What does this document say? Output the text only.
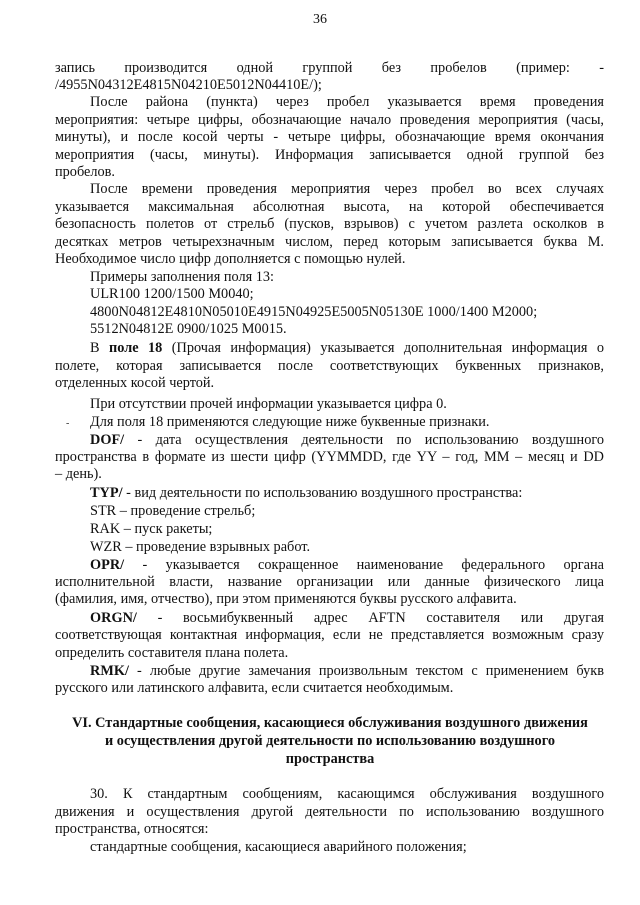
36
запись производится одной группой без пробелов (пример: -
/4955N04312E4815N04210E5012N04410E/);
После района (пункта) через пробел указывается время проведения
мероприятия: четыре цифры, обозначающие начало проведения мероприятия (часы,
минуты), и после косой черты - четыре цифры, обозначающие время окончания
мероприятия (часы, минуты). Информация записывается одной группой без
пробелов.
После времени проведения мероприятия через пробел во всех случаях
указывается максимальная абсолютная высота, на которой обеспечивается
безопасность полетов от стрельб (пусков, взрывов) с учетом разлета осколков в
десятках метров четырехзначным числом, перед которым записывается буква М.
Необходимое число цифр дополняется с помощью нулей.
Примеры заполнения поля 13:
ULR100 1200/1500 M0040;
4800N04812E4810N05010E4915N04925E5005N05130E 1000/1400 M2000;
5512N04812E 0900/1025 M0015.
В поле 18 (Прочая информация) указывается дополнительная информация о
полете, которая записывается после соответствующих буквенных признаков,
отделенных косой чертой.
При отсутствии прочей информации указывается цифра 0.
- Для поля 18 применяются следующие ниже буквенные признаки.
DOF/ - дата осуществления деятельности по использованию воздушного
пространства в формате из шести цифр (YYMMDD, где YY – год, MM – месяц и DD
– день).
TYP/ - вид деятельности по использованию воздушного пространства:
STR – проведение стрельб;
RAK – пуск ракеты;
WZR – проведение взрывных работ.
OPR/ - указывается сокращенное наименование федерального органа
исполнительной власти, название организации или данные физического лица
(фамилия, имя, отчество), при этом применяются буквы русского алфавита.
ORGN/ - восьмибуквенный адрес AFTN составителя или другая
соответствующая контактная информация, если не представляется возможным сразу
определить составителя плана полета.
RMK/ - любые другие замечания произвольным текстом с применением букв
русского или латинского алфавита, если считается необходимым.
VI. Стандартные сообщения, касающиеся обслуживания воздушного движения
и осуществления другой деятельности по использованию воздушного
пространства
30. К стандартным сообщениям, касающимся обслуживания воздушного
движения и осуществления другой деятельности по использованию воздушного
пространства, относятся:
стандартные сообщения, касающиеся аварийного положения;
